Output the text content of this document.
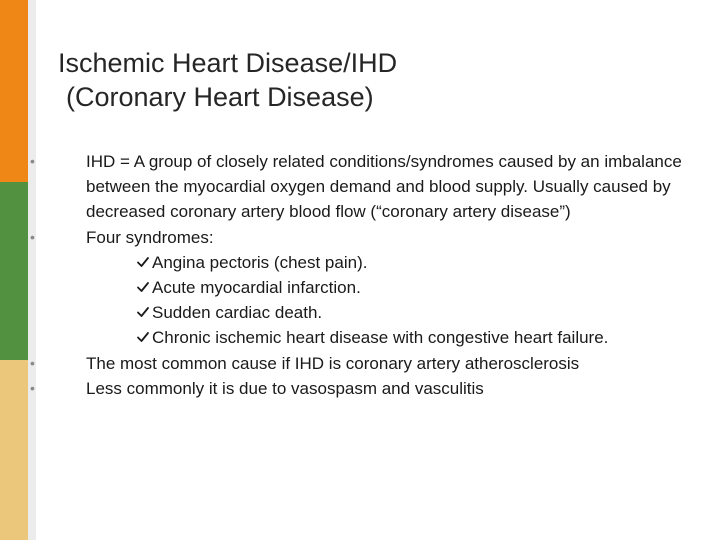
Ischemic Heart Disease/IHD
(Coronary Heart Disease)
•	IHD = A group of closely related conditions/syndromes caused by an imbalance between the myocardial oxygen demand and blood supply. Usually caused by decreased coronary artery blood flow (“coronary artery disease”)
•	Four syndromes:
Angina pectoris (chest pain).
Acute myocardial infarction.
Sudden cardiac death.
Chronic ischemic heart disease with congestive heart failure.
•	The most common cause if IHD is coronary artery atherosclerosis
•	Less commonly it is due to vasospasm and vasculitis
